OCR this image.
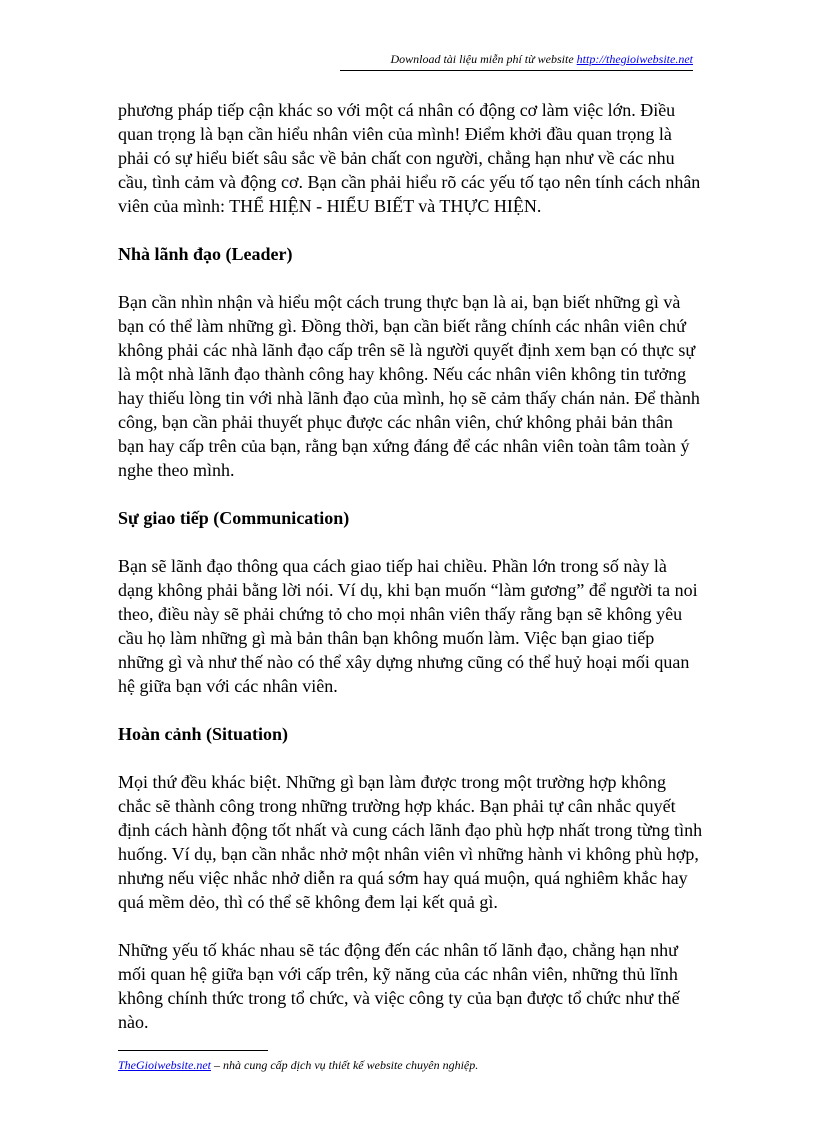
Download tài liệu miễn phí từ website http://thegioiwebsite.net

phương pháp tiếp cận khác so với một cá nhân có động cơ làm việc lớn. Điều quan trọng là bạn cần hiểu nhân viên của mình! Điểm khởi đầu quan trọng là phải có sự hiểu biết sâu sắc về bản chất con người, chẳng hạn như về các nhu cầu, tình cảm và động cơ. Bạn cần phải hiểu rõ các yếu tố tạo nên tính cách nhân viên của mình: THỂ HIỆN - HIỂU BIẾT và THỰC HIỆN.

Nhà lãnh đạo (Leader)

Bạn cần nhìn nhận và hiểu một cách trung thực bạn là ai, bạn biết những gì và bạn có thể làm những gì. Đồng thời, bạn cần biết rằng chính các nhân viên chứ không phải các nhà lãnh đạo cấp trên sẽ là người quyết định xem bạn có thực sự là một nhà lãnh đạo thành công hay không. Nếu các nhân viên không tin tưởng hay thiếu lòng tin với nhà lãnh đạo của mình, họ sẽ cảm thấy chán nản. Để thành công, bạn cần phải thuyết phục được các nhân viên, chứ không phải bản thân bạn hay cấp trên của bạn, rằng bạn xứng đáng để các nhân viên toàn tâm toàn ý nghe theo mình.

Sự giao tiếp (Communication)

Bạn sẽ lãnh đạo thông qua cách giao tiếp hai chiều. Phần lớn trong số này là dạng không phải bằng lời nói. Ví dụ, khi bạn muốn “làm gương” để người ta noi theo, điều này sẽ phải chứng tỏ cho mọi nhân viên thấy rằng bạn sẽ không yêu cầu họ làm những gì mà bản thân bạn không muốn làm. Việc bạn giao tiếp những gì và như thế nào có thể xây dựng nhưng cũng có thể huỷ hoại mối quan hệ giữa bạn với các nhân viên.

Hoàn cảnh (Situation)

Mọi thứ đều khác biệt. Những gì bạn làm được trong một trường hợp không chắc sẽ thành công trong những trường hợp khác. Bạn phải tự cân nhắc quyết định cách hành động tốt nhất và cung cách lãnh đạo phù hợp nhất trong từng tình huống. Ví dụ, bạn cần nhắc nhở một nhân viên vì những hành vi không phù hợp, nhưng nếu việc nhắc nhở diễn ra quá sớm hay quá muộn, quá nghiêm khắc hay quá mềm dẻo, thì có thể sẽ không đem lại kết quả gì.

Những yếu tố khác nhau sẽ tác động đến các nhân tố lãnh đạo, chẳng hạn như mối quan hệ giữa bạn với cấp trên, kỹ năng của các nhân viên, những thủ lĩnh không chính thức trong tổ chức, và việc công ty của bạn được tổ chức như thế nào.

TheGioiwebsite.net – nhà cung cấp dịch vụ thiết kế website chuyên nghiệp.
